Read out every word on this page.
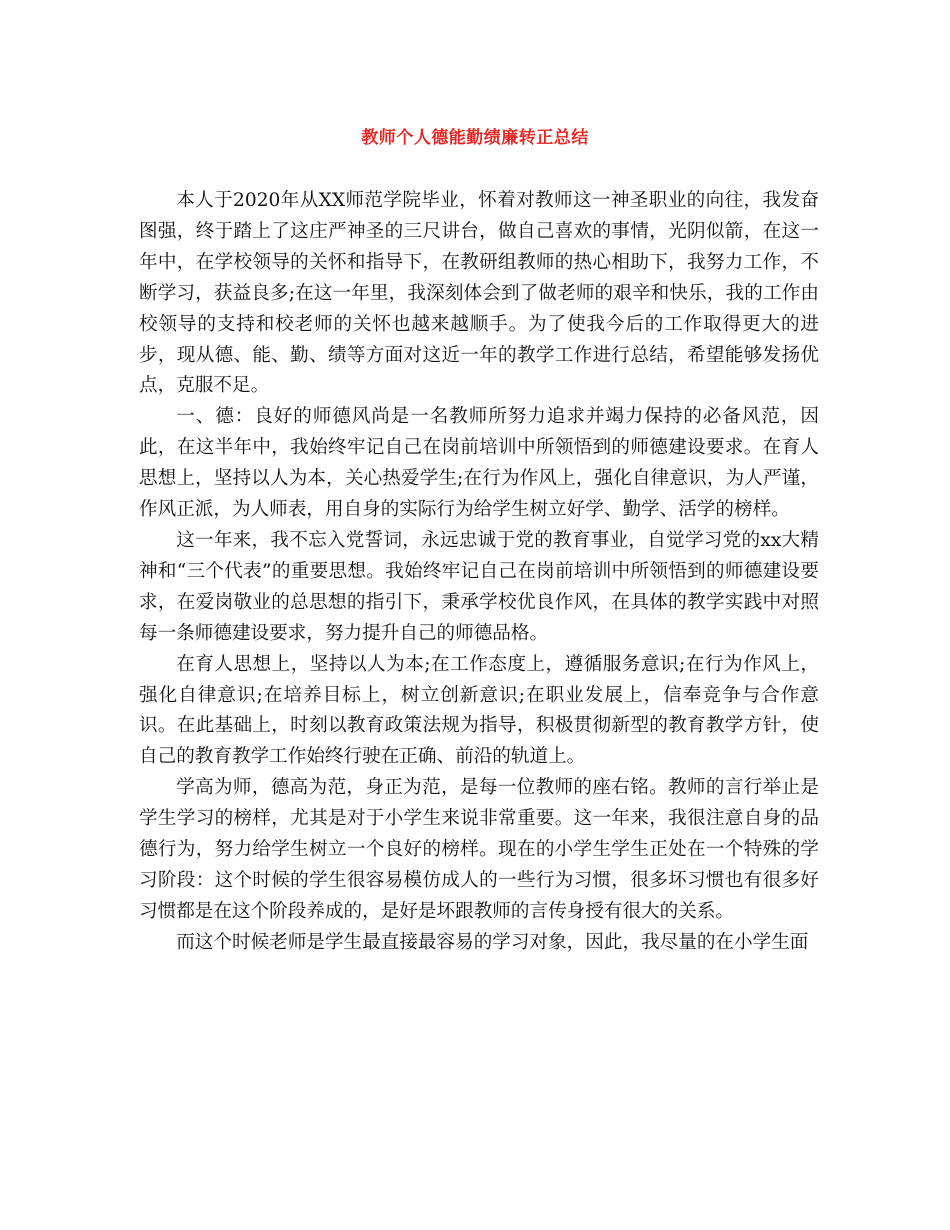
教师个人德能勤绩廉转正总结

本人于2020年从XX师范学院毕业，怀着对教师这一神圣职业的向往，我发奋图强，终于踏上了这庄严神圣的三尺讲台，做自己喜欢的事情，光阴似箭，在这一年中，在学校领导的关怀和指导下，在教研组教师的热心相助下，我努力工作，不断学习，获益良多;在这一年里，我深刻体会到了做老师的艰辛和快乐，我的工作由校领导的支持和校老师的关怀也越来越顺手。为了使我今后的工作取得更大的进步，现从德、能、勤、绩等方面对这近一年的教学工作进行总结，希望能够发扬优点，克服不足。

一、德：良好的师德风尚是一名教师所努力追求并竭力保持的必备风范，因此，在这半年中，我始终牢记自己在岗前培训中所领悟到的师德建设要求。在育人思想上，坚持以人为本，关心热爱学生;在行为作风上，强化自律意识，为人严谨，作风正派，为人师表，用自身的实际行为给学生树立好学、勤学、活学的榜样。

这一年来，我不忘入党誓词，永远忠诚于党的教育事业，自觉学习党的xx大精神和“三个代表”的重要思想。我始终牢记自己在岗前培训中所领悟到的师德建设要求，在爱岗敬业的总思想的指引下，秉承学校优良作风，在具体的教学实践中对照每一条师德建设要求，努力提升自己的师德品格。

在育人思想上，坚持以人为本;在工作态度上，遵循服务意识;在行为作风上，强化自律意识;在培养目标上，树立创新意识;在职业发展上，信奉竞争与合作意识。在此基础上，时刻以教育政策法规为指导，积极贯彻新型的教育教学方针，使自己的教育教学工作始终行驶在正确、前沿的轨道上。

学高为师，德高为范，身正为范，是每一位教师的座右铭。教师的言行举止是学生学习的榜样，尤其是对于小学生来说非常重要。这一年来，我很注意自身的品德行为，努力给学生树立一个良好的榜样。现在的小学生学生正处在一个特殊的学习阶段：这个时候的学生很容易模仿成人的一些行为习惯，很多坏习惯也有很多好习惯都是在这个阶段养成的，是好是坏跟教师的言传身授有很大的关系。

而这个时候老师是学生最直接最容易的学习对象，因此，我尽量的在小学生面
